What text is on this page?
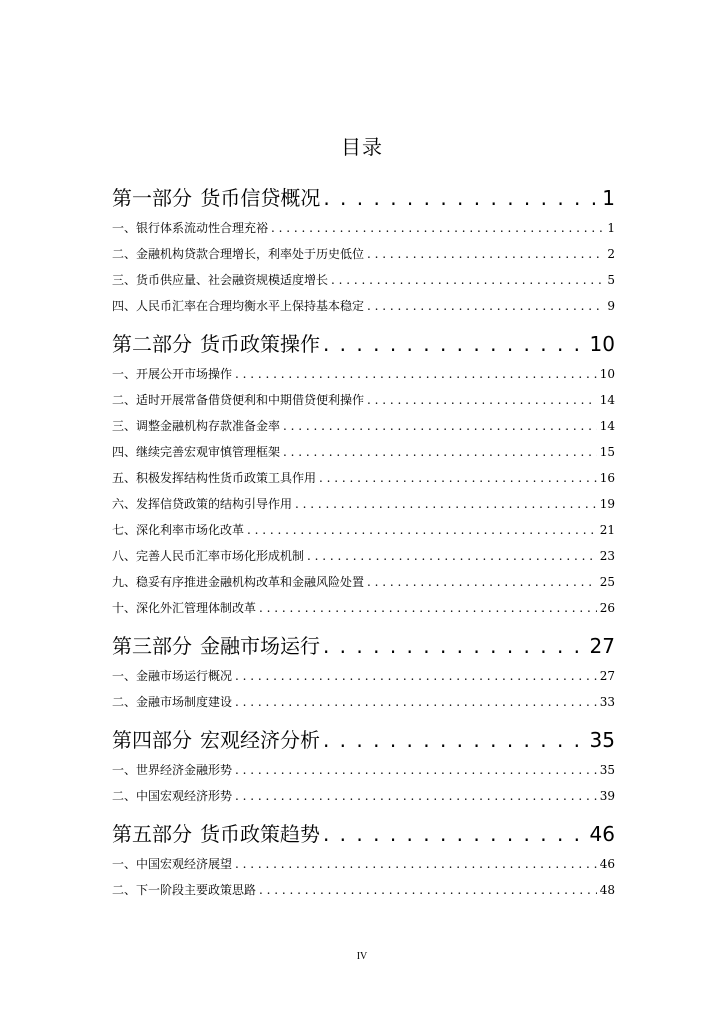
目录
第一部分 货币信贷概况 . . .	1
一、银行体系流动性合理充裕 . . .	1
二、金融机构贷款合理增长，利率处于历史低位 . . .	2
三、货币供应量、社会融资规模适度增长 . . .	5
四、人民币汇率在合理均衡水平上保持基本稳定 . . .	9
第二部分 货币政策操作 . . .	10
一、开展公开市场操作 . . .	10
二、适时开展常备借贷便利和中期借贷便利操作 . . .	14
三、调整金融机构存款准备金率 . . .	14
四、继续完善宏观审慎管理框架 . . .	15
五、积极发挥结构性货币政策工具作用 . . .	16
六、发挥信贷政策的结构引导作用 . . .	19
七、深化利率市场化改革 . . .	21
八、完善人民币汇率市场化形成机制 . . .	23
九、稳妥有序推进金融机构改革和金融风险处置 . . .	25
十、深化外汇管理体制改革 . . .	26
第三部分 金融市场运行 . . .	27
一、金融市场运行概况 . . .	27
二、金融市场制度建设 . . .	33
第四部分 宏观经济分析 . . .	35
一、世界经济金融形势 . . .	35
二、中国宏观经济形势 . . .	39
第五部分 货币政策趋势 . . .	46
一、中国宏观经济展望 . . .	46
二、下一阶段主要政策思路 . . .	48
IV
